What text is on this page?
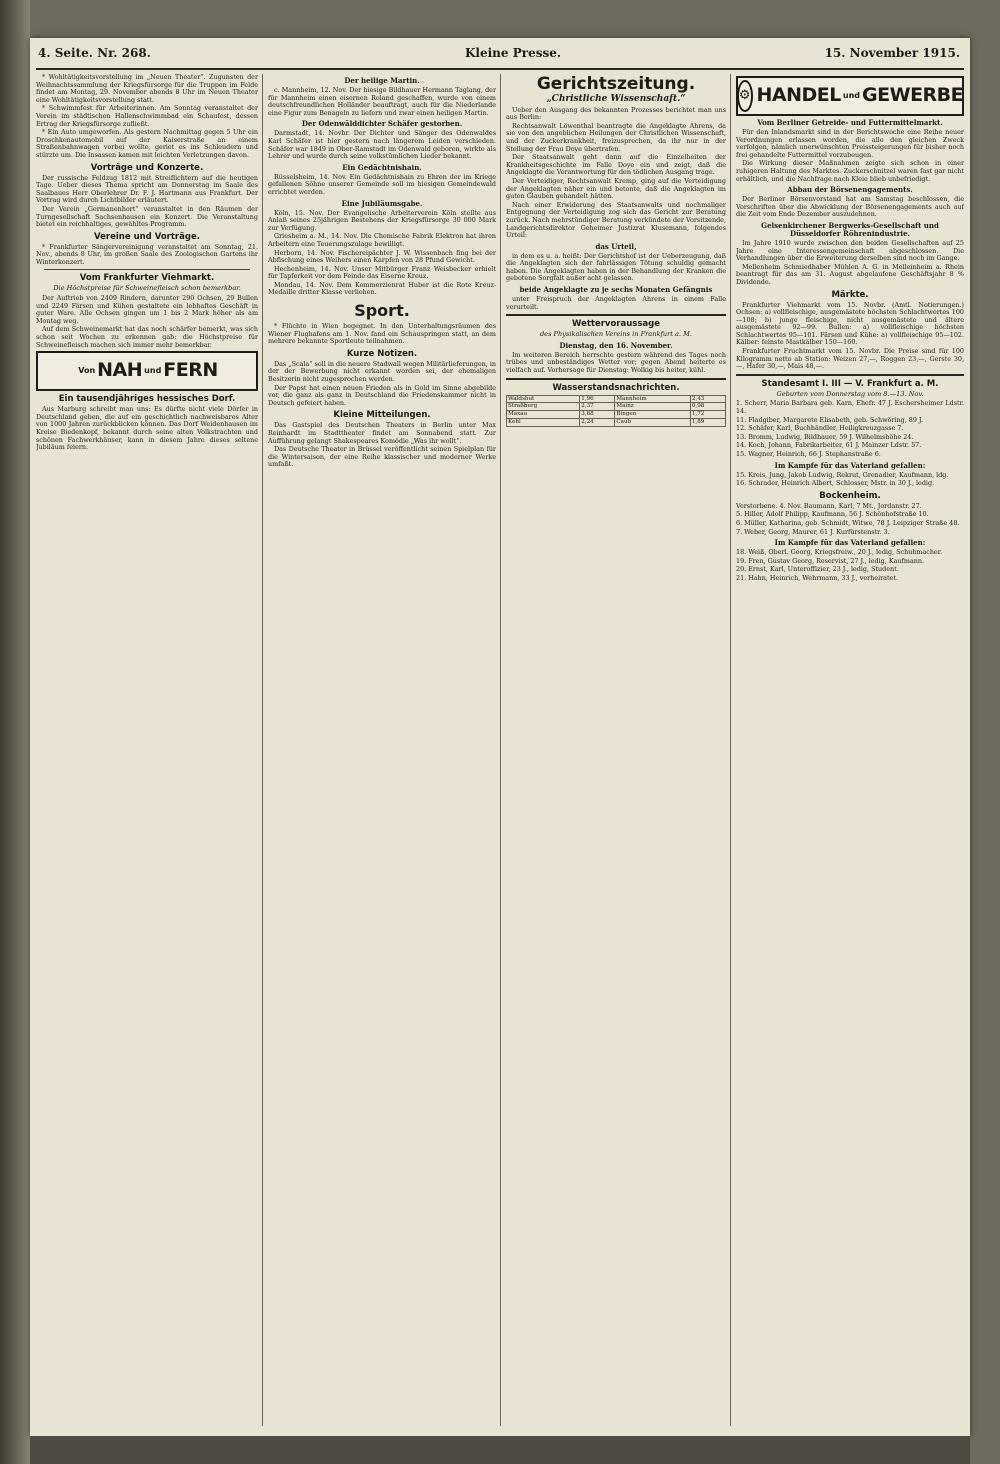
4. Seite. Nr. 268.	Kleine Presse.	15. November 1915.

* Wohltätigkeitsvorstellung im „Neuen Theater“. Zugunsten der Weihnachtssammlung der Kriegsfürsorge für die Truppen im Felde findet am Montag, 29. November abends 8 Uhr im Neuen Theater eine Wohltätigkeitsvorstellung statt.

* Schwimmfest für Arbeiterinnen. Am Sonntag veranstaltet der Verein im städtischen Hallenschwimmbad ein Schaufest, dessen Ertrag der Kriegsfürsorge zufließt.

* Ein Auto umgeworfen. Als gestern Nachmittag gegen 5 Uhr ein Droschkenautomobil auf der Kaiserstraße an einem Straßenbahnwagen vorbei wollte, geriet es ins Schleudern und stürzte um. Die Insassen kamen mit leichten Verletzungen davon.

Vorträge und Konzerte.

Der russische Feldzug 1812 mit Streiflichtern auf die heutigen Tage. Ueber dieses Thema spricht am Donnerstag im Saale des Saalbaues Herr Oberlehrer Dr. F. J. Hartmann aus Frankfurt. Der Vortrag wird durch Lichtbilder erläutert.

Der Verein „Germanenhort“ veranstaltet in den Räumen der Turngesellschaft Sachsenhausen ein Konzert. Die Veranstaltung bietet ein reichhaltiges, gewähltes Programm.

Vereine und Vorträge.

* Frankfurter Sängervereinigung veranstaltet am Sonntag, 21. Nov., abends 8 Uhr, im großen Saale des Zoologischen Gartens ihr Winterkonzert.

Vom Frankfurter Viehmarkt.
Die Höchstpreise für Schweinefleisch schon bemerkbar.

Der Auftrieb von 2409 Rindern, darunter 290 Ochsen, 29 Bullen und 2249 Färsen und Kühen gestaltete ein lebhaftes Geschäft in guter Ware. Alle Ochsen gingen um 1 bis 2 Mark höher als am Montag weg.

Auf dem Schweinemarkt hat das noch schärfer bemerkt, was sich schon seit Wochen zu erkennen gab: die Höchstpreise für Schweinefleisch machen sich immer mehr bemerkbar.

Von NAH und FERN
Ein tausendjähriges hessisches Dorf.

Aus Marburg schreibt man uns: Es dürfte nicht viele Dörfer in Deutschland geben, die auf ein geschichtlich nachweisbares Alter von 1000 Jahren zurückblicken können. Das Dorf Weidenhausen im Kreise Biedenkopf, bekannt durch seine alten Volkstrachten und schönen Fachwerkhäuser, kann in diesem Jahre dieses seltene Jubiläum feiern.

Der heilige Martin.

c. Mannheim, 12. Nov. Der hiesige Bildhauer Hermann Taglang, der für Mannheim einen eisernen Roland geschaffen, wurde von einem deutschfreundlichen Holländer beauftragt, auch für die Niederlande eine Figur zum Benageln zu liefern und zwar einen heiligen Martin.

Der Odenwälddichter Schäfer gestorben.

Darmstadt, 14. Novbr. Der Dichter und Sänger des Odenwaldes Karl Schäfer ist hier gestern nach längerem Leiden verschieden. Schäfer war 1849 in Ober-Ramstadt im Odenwald geboren, wirkte als Lehrer und wurde durch seine volkstümlichen Lieder bekannt.

Ein Gedächtnishain.

Rüsselsheim, 14. Nov. Ein Gedächtnishain zu Ehren der im Kriege gefallenen Söhne unserer Gemeinde soll im hiesigen Gemeindewald errichtet werden.

Eine Jubiläumsgabe.

Köln, 15. Nov. Der Evangelische Arbeiterverein Köln stellte aus Anlaß seines 25jährigen Bestehens der Kriegsfürsorge 30 000 Mark zur Verfügung.

Griesheim a. M., 14. Nov. Die Chemische Fabrik Elektron hat ihren Arbeitern eine Teuerungszulage bewilligt.

Herborn, 14. Nov. Fischereipächter J. W. Wissenbach fing bei der Abfischung eines Weihers einen Karpfen von 28 Pfund Gewicht.

Hechenheim, 14. Nov. Unser Mitbürger Franz Weisbecker erhielt für Tapferkeit vor dem Feinde das Eiserne Kreuz.

Mondau, 14. Nov. Dem Kommerzienrat Huber ist die Rote Kreuz-Medaille dritter Klasse verliehen.

Sport.

* Flüchte in Wien begegnet. In den Unterhaltungsräumen des Wiener Flughafens am 1. Nov. fand ein Schauspringen statt, an dem mehrere bekannte Sportleute teilnahmen.

Kurze Notizen.

Das „Scala“ soll in die neuere Stadwall wegen Militärlieferungen, in der der Bewerbung nicht erkannt worden sei, der ehemaligen Besitzerin nicht zugesprochen werden.

Der Papst hat einen neuen Frieden als in Gold im Sinne abgebilde vor, die ganz als ganz in Deutschland die Friedenskammer nicht in Deutsch gefeiert haben.

Kleine Mitteilungen.

Das Gastspiel des Deutschen Theaters in Berlin unter Max Reinhardt im Stadttheater findet am Sonnabend statt. Zur Aufführung gelangt Shakespeares Komödie „Was ihr wollt“.

Das Deutsche Theater in Brüssel veröffentlicht seinen Spielplan für die Wintersaison, der eine Reihe klassischer und moderner Werke umfaßt.

Gerichtszeitung.
„Christliche Wissenschaft.“

Ueber den Ausgang des bekannten Prozesses berichtet man uns aus Berlin:

Rechtsanwalt Löwenthal beantragte die Angeklagte Ahrens, da sie von den angeblichen Heilungen der Christlichen Wissenschaft, und der Zuckerkrankheit, freizusprechen, da ihr nur in der Stellung der Frau Doye übertrafen.

Der Staatsanwalt geht dann auf die Einzelheiten der Krankheitsgeschichte im Falle Doye ein und zeigt, daß die Angeklagte die Verantwortung für den tödlichen Ausgang trage.

Der Verteidiger, Rechtsanwalt Kremp, ging auf die Verteidigung der Angeklagten näher ein und betonte, daß die Angeklagten im guten Glauben gehandelt hätten.

Nach einer Erwiderung des Staatsanwalts und nochmaliger Entgegnung der Verteidigung zog sich das Gericht zur Beratung zurück. Nach mehrstündiger Beratung verkündete der Vorsitzende, Landgerichtsdirektor Geheimer Justizrat Klusemann, folgendes Urteil:

das Urteil,

in dem es u. a. heißt: Der Gerichtshof ist der Ueberzeugung, daß die Angeklagten sich der fahrlässigen Tötung schuldig gemacht haben. Die Angeklagten haben in der Behandlung der Kranken die gebotene Sorgfalt außer acht gelassen.

beide Angeklagte zu je sechs Monaten Gefängnis

unter Freispruch der Angeklagten Ahrens in einem Falle verurteilt.

Wettervoraussage
des Physikalischen Vereins in Frankfurt a. M.
Dienstag, den 16. November.

Im weiteren Bereich herrschte gestern während des Tages noch trübes und unbeständiges Wetter vor; gegen Abend heiterte es vielfach auf. Vorhersage für Dienstag: Wolkig bis heiter, kühl.

Wasserstandsnachrichten.
Waldshut	1,96	Mannheim	2,43
Straßburg	2,37	Mainz	0,98
Maxau	3,68	Bingen	1,72
Kehl	2,24	Caub	1,89
⚙ HANDEL und GEWERBE
Vom Berliner Getreide- und Futtermittelmarkt.

Für den Inlandsmarkt sind in der Berichtswoche eine Reihe neuer Verordnungen erlassen worden, die alle den gleichen Zweck verfolgen, nämlich unerwünschten Preissteigerungen für bisher noch frei gehandelte Futtermittel vorzubeugen.

Die Wirkung dieser Maßnahmen zeigte sich schon in einer ruhigeren Haltung des Marktes. Zuckerschnitzel waren fast gar nicht erhältlich, und die Nachfrage nach Kleie blieb unbefriedigt.

Abbau der Börsenengagements.

Der Berliner Börsenvorstand hat am Samstag beschlossen, die Vorschriften über die Abwicklung der Börsenengagements auch auf die Zeit vom Ende Dezember auszudehnen.

Gelsenkirchener Bergwerks-Gesellschaft und Düsseldorfer Röhrenindustrie.

Im Jahre 1910 wurde zwischen den beiden Gesellschaften auf 25 Jahre eine Interessengemeinschaft abgeschlossen. Die Verhandlungen über die Erweiterung derselben sind noch im Gange.

Mellenheim Schmiedhaber Mühlen A. G. in Melleinheim a. Rhein beantragt für das am 31. August abgelaufene Geschäftsjahr 8 % Dividende.

Märkte.

Frankfurter Viehmarkt vom 15. Novbr. (Amtl. Notierungen.) Ochsen: a) vollfleischige, ausgemästete höchsten Schlachtwertes 100—108; b) junge fleischige, nicht ausgemästete und ältere ausgemästete 92—99. Bullen: a) vollfleischige höchsten Schlachtwertes 95—101. Färsen und Kühe: a) vollfleischige 95—102. Kälber: feinste Mastkälber 150—160.

Frankfurter Fruchtmarkt vom 15. Novbr. Die Preise sind für 100 Kilogramm netto ab Station: Weizen 27,—, Roggen 23,—, Gerste 30,—, Hafer 30,—, Mais 48,—.

Standesamt I. III — V. Frankfurt a. M.
Geburten vom Donnerstag vom 8.—13. Nov.

1. Scherr, Maria Barbara geb. Karn, Ehefr. 47 J. Eschersheimer Ldstr. 14.

11. Fladgiber, Margarete Elisabeth, geb. Schwöring, 89 J.

12. Schäfer, Karl, Buchhändler, Heiligkreuzgasse 7.

13. Bromm, Ludwig, Bildhauer, 59 J. Wilhelmshöhe 24.

14. Koch, Johann, Fabrikarbeiter, 61 J. Mainzer Ldstr. 57.

15. Wagner, Heinrich, 66 J. Stephanstraße 6.

Im Kampfe für das Vaterland gefallen:

15. Kreis, Jung, Jakob Ludwig, Rekrut, Grenadier, Kaufmann, ldg.

16. Schrader, Heinrich Albert, Schlosser, Mstr. in 30 J., ledig.

Bockenheim.

Verstorbene. 4. Nov. Baumann, Karl, 7 Mt., Jordanstr. 27.

5. Hiller, Adolf Philipp, Kaufmann, 56 J. Schönhofstraße 10.

6. Müller, Katharina, geb. Schmidt, Witwe, 78 J. Leipziger Straße 48.

7. Weber, Georg, Maurer, 61 J. Kurfürstenstr. 3.

Im Kampfe für das Vaterland gefallen:

18. Weiß, Oberl. Georg, Kriegsfreiw., 20 J., ledig, Schuhmacher.

19. Fren, Gustav Georg, Reservist, 27 J., ledig, Kaufmann.

20. Ernst, Karl, Unteroffizier, 23 J., ledig, Student.

21. Hahn, Heinrich, Wehrmann, 33 J., verheiratet.
